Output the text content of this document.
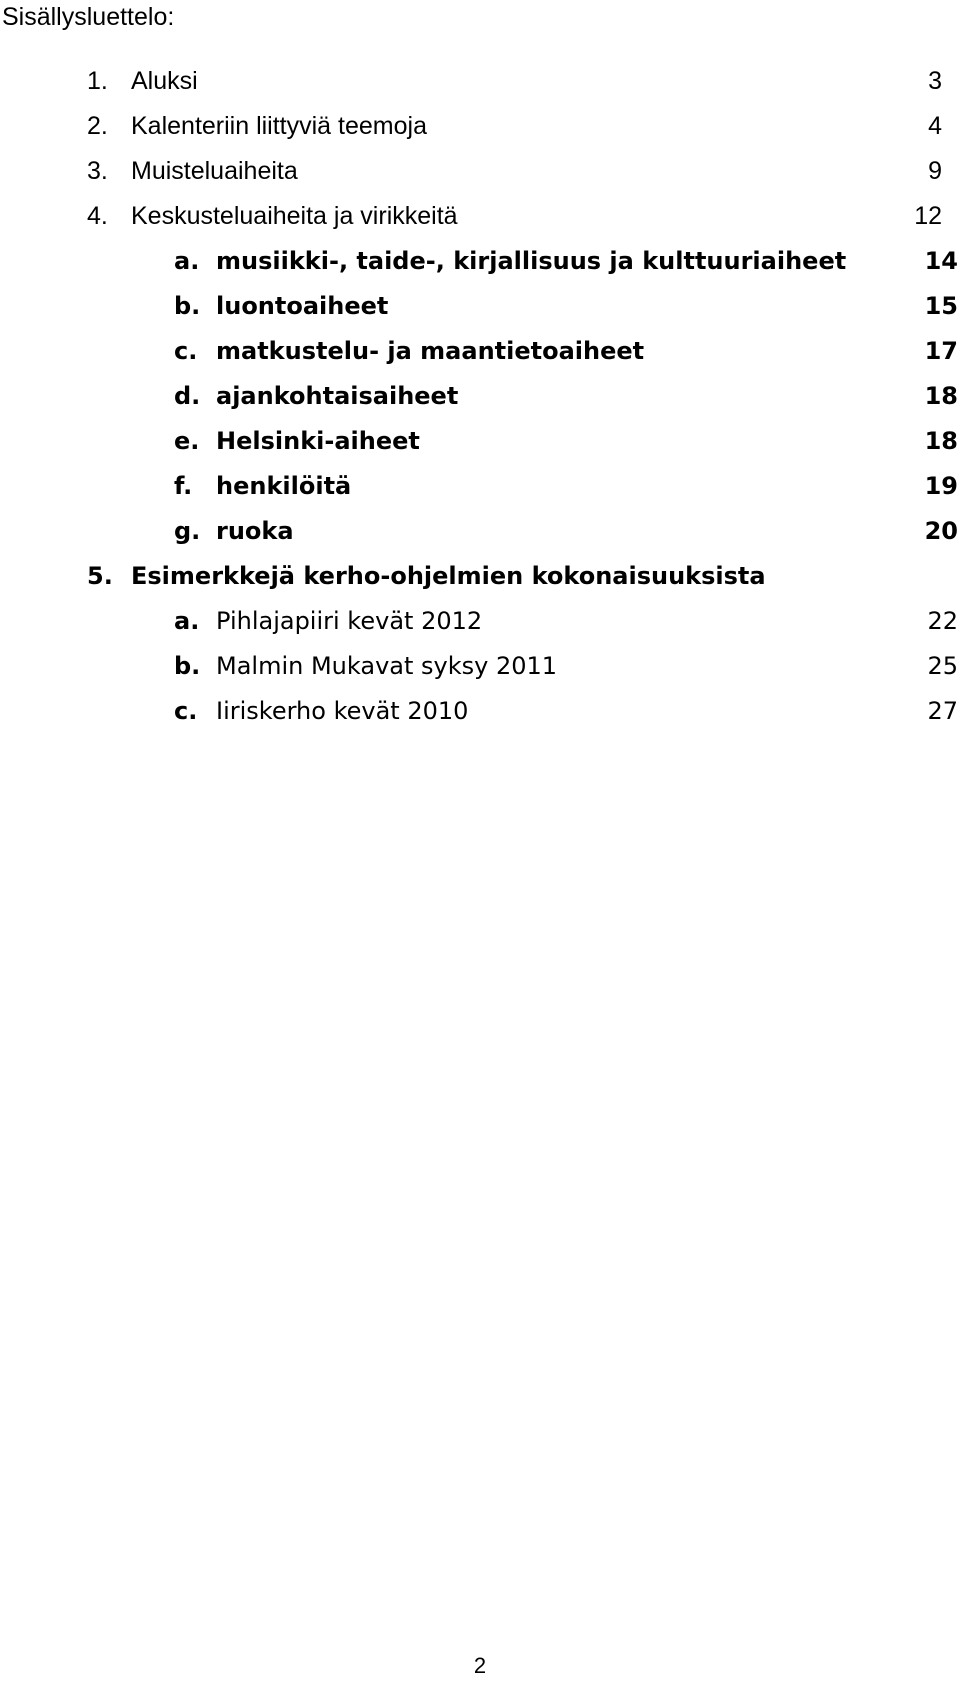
Sisällysluettelo:
1. Aluksi	3
2. Kalenteriin liittyviä teemoja	4
3. Muisteluaiheita	9
4. Keskusteluaiheita ja virikkeitä	12
a. musiikki-, taide-, kirjallisuus ja kulttuuriaiheet	14
b. luontoaiheet	15
c. matkustelu- ja maantietoaiheet	17
d. ajankohtaisaiheet	18
e. Helsinki-aiheet	18
f. henkilöitä	19
g. ruoka	20
5. Esimerkkejä kerho-ohjelmien kokonaisuuksista
a. Pihlajapiiri kevät 2012	22
b. Malmin Mukavat syksy 2011	25
c. Iiriskerho kevät 2010	27
2
